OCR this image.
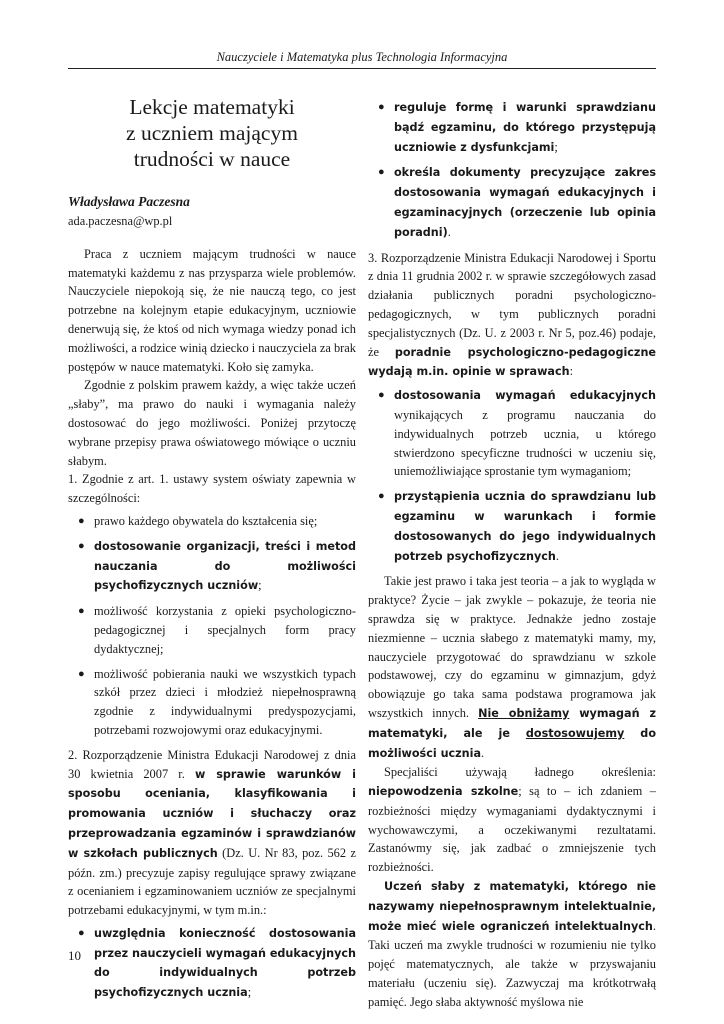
Nauczyciele i Matematyka plus Technologia Informacyjna
Lekcje matematyki
z uczniem mającym
trudności w nauce

Władysława Paczesna

ada.paczesna@wp.pl

Praca z uczniem mającym trudności w nauce matematyki każdemu z nas przysparza wiele problemów. Nauczyciele niepokoją się, że nie nauczą tego, co jest potrzebne na kolejnym etapie edukacyjnym, uczniowie denerwują się, że ktoś od nich wymaga wiedzy ponad ich możliwości, a rodzice winią dziecko i nauczyciela za brak postępów w nauce matematyki. Koło się zamyka.

Zgodnie z polskim prawem każdy, a więc także uczeń „słaby”, ma prawo do nauki i wymagania należy dostosować do jego możliwości. Poniżej przytoczę wybrane przepisy prawa oświatowego mówiące o uczniu słabym.

1. Zgodnie z art. 1. ustawy system oświaty zapewnia w szczególności:

● prawo każdego obywatela do kształcenia się;
● dostosowanie organizacji, treści i metod nauczania do możliwości psychofizycznych uczniów;
● możliwość korzystania z opieki psychologiczno-pedagogicznej i specjalnych form pracy dydaktycznej;
● możliwość pobierania nauki we wszystkich typach szkół przez dzieci i młodzież niepełnosprawną zgodnie z indywidualnymi predyspozycjami, potrzebami rozwojowymi oraz edukacyjnymi.

2. Rozporządzenie Ministra Edukacji Narodowej z dnia 30 kwietnia 2007 r. w sprawie warunków i sposobu oceniania, klasyfikowania i promowania uczniów i słuchaczy oraz przeprowadzania egzaminów i sprawdzianów w szkołach publicznych (Dz. U. Nr 83, poz. 562 z późn. zm.) precyzuje zapisy regulujące sprawy związane z ocenianiem i egzaminowaniem uczniów ze specjalnymi potrzebami edukacyjnymi, w tym m.in.:

● uwzględnia konieczność dostosowania przez nauczycieli wymagań edukacyjnych do indywidualnych potrzeb psychofizycznych ucznia;
● reguluje formę i warunki sprawdzianu bądź egzaminu, do którego przystępują uczniowie z dysfunkcjami;
● określa dokumenty precyzujące zakres dostosowania wymagań edukacyjnych i egzaminacyjnych (orzeczenie lub opinia poradni).

3. Rozporządzenie Ministra Edukacji Narodowej i Sportu z dnia 11 grudnia 2002 r. w sprawie szczegółowych zasad działania publicznych poradni psychologiczno-pedagogicznych, w tym publicznych poradni specjalistycznych (Dz. U. z 2003 r. Nr 5, poz.46) podaje, że poradnie psychologiczno-pedagogiczne wydają m.in. opinie w sprawach:

● dostosowania wymagań edukacyjnych wynikających z programu nauczania do indywidualnych potrzeb ucznia, u którego stwierdzono specyficzne trudności w uczeniu się, uniemożliwiające sprostanie tym wymaganiom;
● przystąpienia ucznia do sprawdzianu lub egzaminu w warunkach i formie dostosowanych do jego indywidualnych potrzeb psychofizycznych.

Takie jest prawo i taka jest teoria – a jak to wygląda w praktyce? Życie – jak zwykle – pokazuje, że teoria nie sprawdza się w praktyce. Jednakże jedno zostaje niezmienne – ucznia słabego z matematyki mamy, my, nauczyciele przygotować do sprawdzianu w szkole podstawowej, czy do egzaminu w gimnazjum, gdyż obowiązuje go taka sama podstawa programowa jak wszystkich innych. Nie obniżamy wymagań z matematyki, ale je dostosowujemy do możliwości ucznia.

Specjaliści używają ładnego określenia: niepowodzenia szkolne; są to – ich zdaniem – rozbieżności między wymaganiami dydaktycznymi i wychowawczymi, a oczekiwanymi rezultatami. Zastanówmy się, jak zadbać o zmniejszenie tych rozbieżności.

Uczeń słaby z matematyki, którego nie nazywamy niepełnosprawnym intelektualnie, może mieć wiele ograniczeń intelektualnych. Taki uczeń ma zwykle trudności w rozumieniu nie tylko pojęć matematycznych, ale także w przyswajaniu materiału (uczeniu się). Zazwyczaj ma krótkotrwałą pamięć. Jego słaba aktywność myślowa nie

10
